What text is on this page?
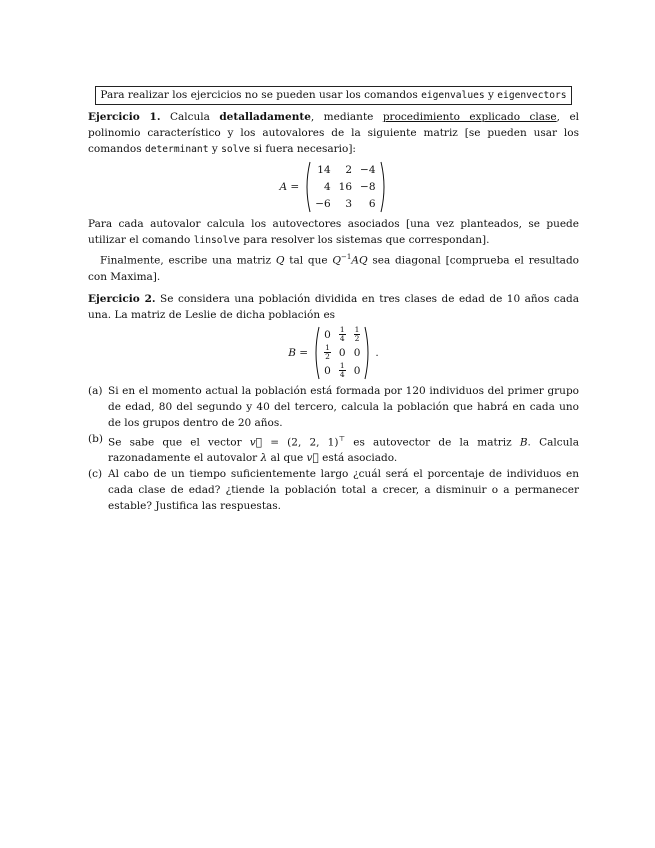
Para realizar los ejercicios no se pueden usar los comandos eigenvalues y eigenvectors

Ejercicio 1. Calcula detalladamente, mediante procedimiento explicado clase, el polinomio característico y los autovalores de la siguiente matriz [se pueden usar los comandos determinant y solve si fuera necesario]:

A =
14	2	−4
4	16	−8
−6	3	6

Para cada autovalor calcula los autovectores asociados [una vez planteados, se puede utilizar el comando linsolve para resolver los sistemas que correspondan].

Finalmente, escribe una matriz Q tal que $Q^{-1}AQ$ sea diagonal [comprueba el resultado con Maxima].

Ejercicio 2. Se considera una población dividida en tres clases de edad de 10 años cada una. La matriz de Leslie de dicha población es

B =
0	$\frac{1}{4}$	$\frac{1}{2}$

$\frac{1}{2}$	0	0
0	$\frac{1}{4}$	0
.
(a) Si en el momento actual la población está formada por 120 individuos del primer grupo de edad, 80 del segundo y 40 del tercero, calcula la población que habrá en cada uno de los grupos dentro de 20 años.
(b) Se sabe que el vector v⃗ = (2, 2, 1)⊤ es autovector de la matriz B. Calcula razonadamente el autovalor λ al que v⃗ está asociado.
(c) Al cabo de un tiempo suficientemente largo ¿cuál será el porcentaje de individuos en cada clase de edad? ¿tiende la población total a crecer, a disminuir o a permanecer estable? Justifica las respuestas.
